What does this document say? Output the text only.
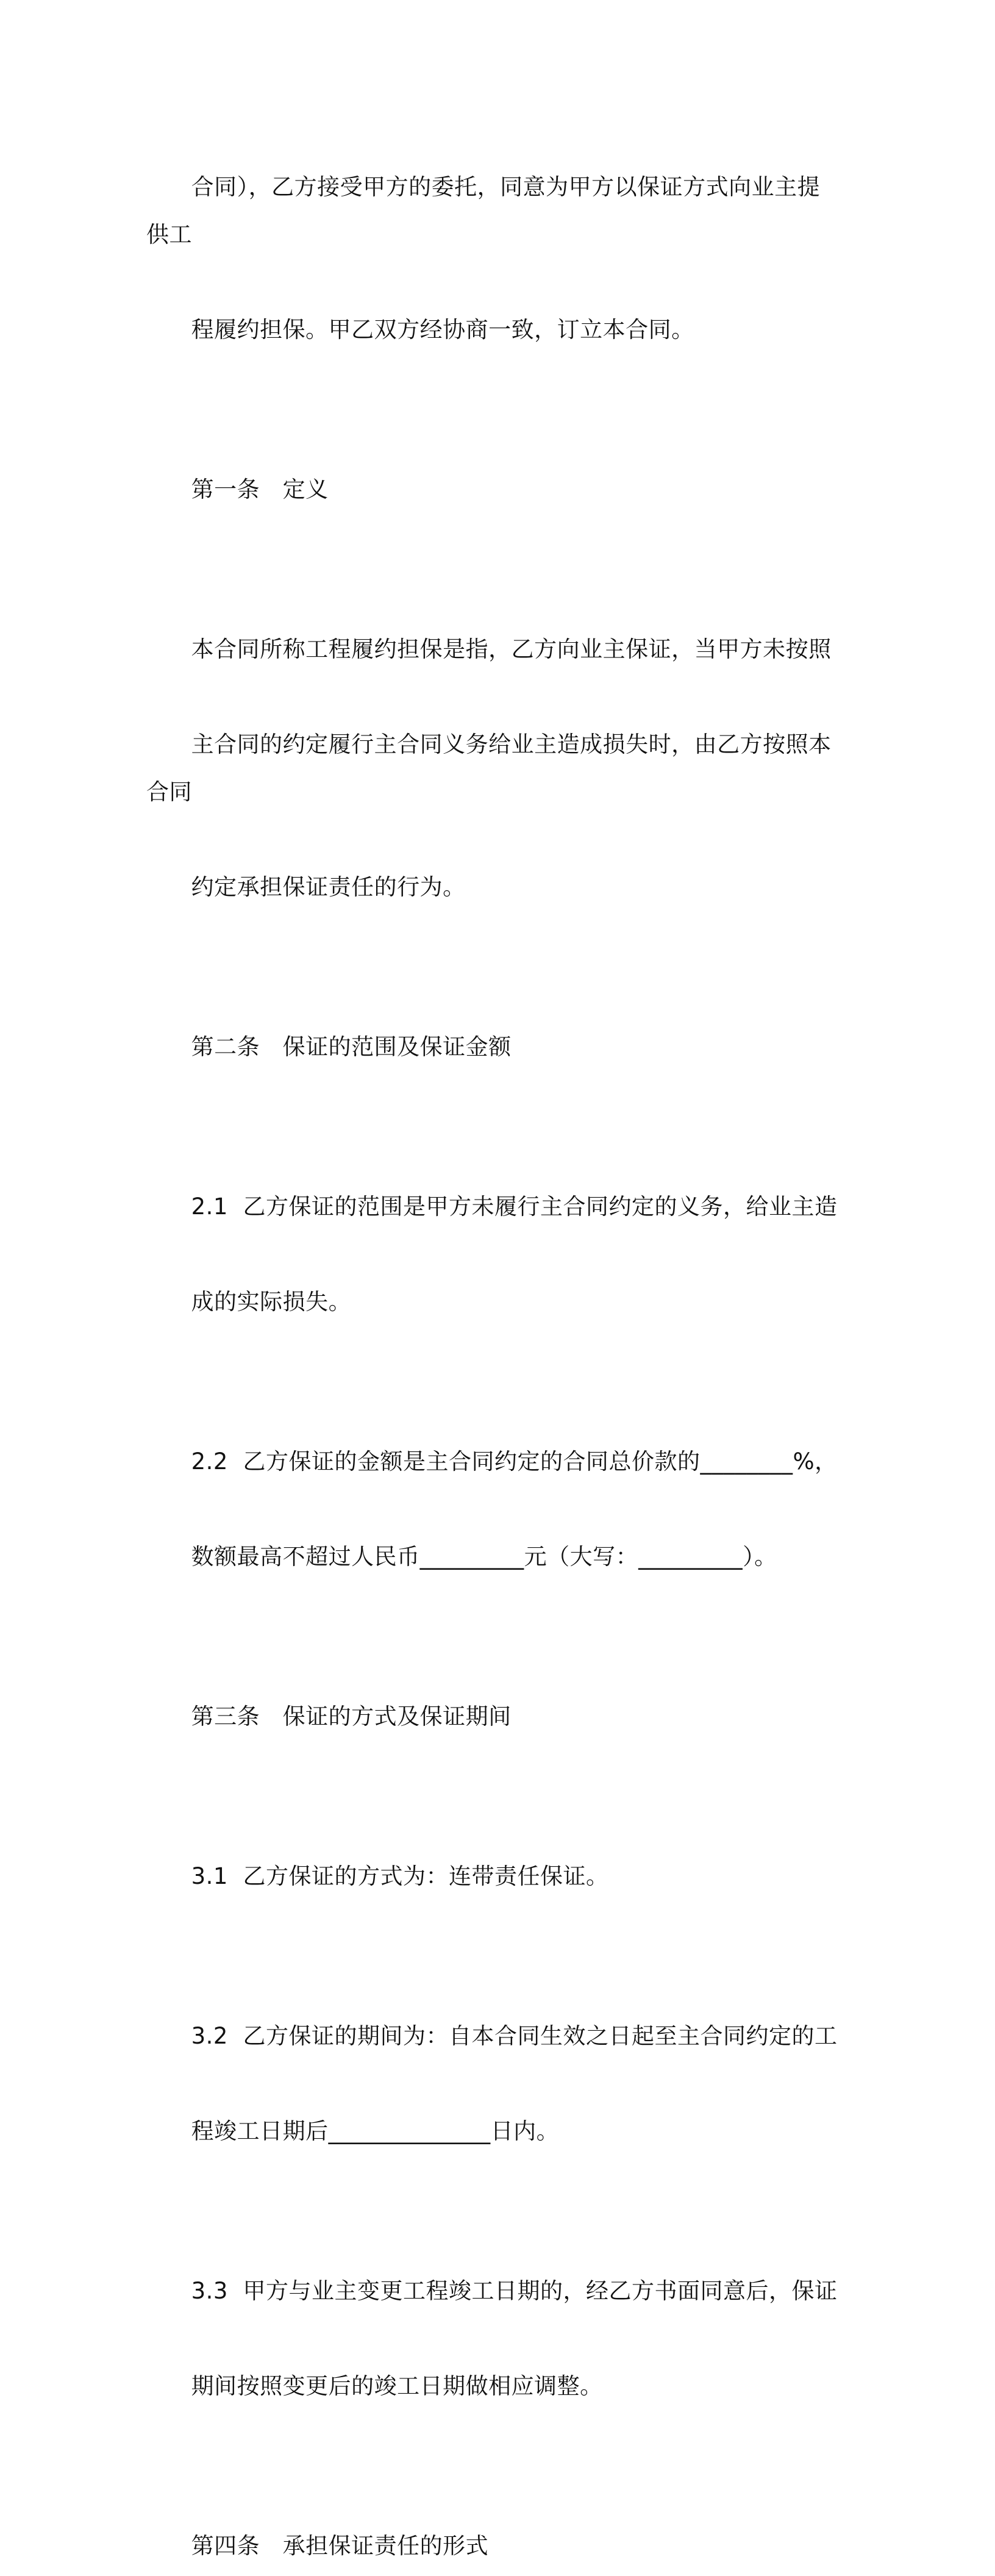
合同），乙方接受甲方的委托，同意为甲方以保证方式向业主提供工

程履约担保。甲乙双方经协商一致，订立本合同。

第一条　定义

本合同所称工程履约担保是指，乙方向业主保证，当甲方未按照

主合同的约定履行主合同义务给业主造成损失时，由乙方按照本合同

约定承担保证责任的行为。

第二条　保证的范围及保证金额

2.1  乙方保证的范围是甲方未履行主合同约定的义务，给业主造

成的实际损失。

2.2  乙方保证的金额是主合同约定的合同总价款的________%，

数额最高不超过人民币_________元（大写：_________）。

第三条　保证的方式及保证期间

3.1  乙方保证的方式为：连带责任保证。

3.2  乙方保证的期间为：自本合同生效之日起至主合同约定的工

程竣工日期后______________日内。

3.3  甲方与业主变更工程竣工日期的，经乙方书面同意后，保证

期间按照变更后的竣工日期做相应调整。

第四条　承担保证责任的形式
